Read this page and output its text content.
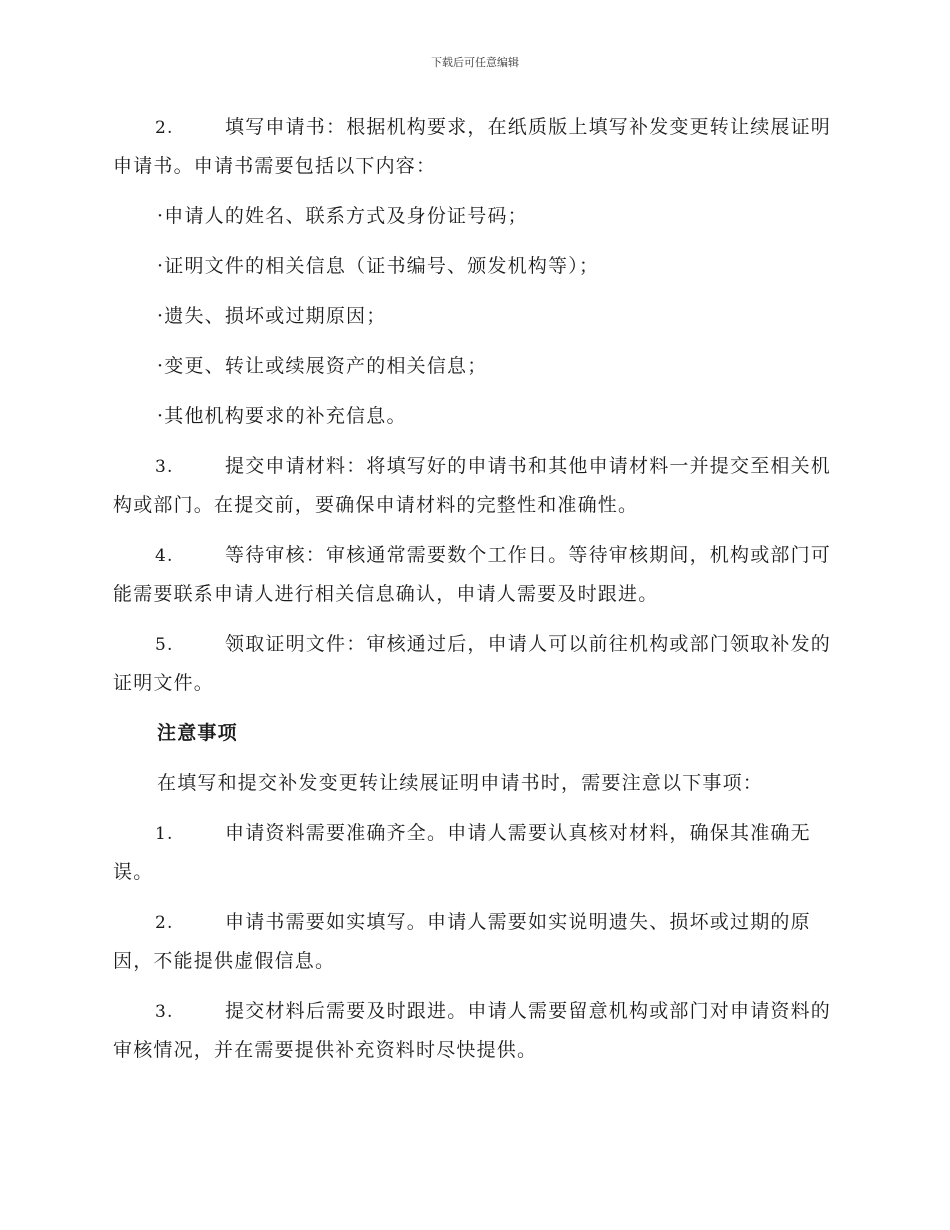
下载后可任意编辑

2.	填写申请书：根据机构要求，在纸质版上填写补发变更转让续展证明申请书。申请书需要包括以下内容：

·申请人的姓名、联系方式及身份证号码；

·证明文件的相关信息（证书编号、颁发机构等）；

·遗失、损坏或过期原因；

·变更、转让或续展资产的相关信息；

·其他机构要求的补充信息。

3.	提交申请材料：将填写好的申请书和其他申请材料一并提交至相关机构或部门。在提交前，要确保申请材料的完整性和准确性。

4.	等待审核：审核通常需要数个工作日。等待审核期间，机构或部门可能需要联系申请人进行相关信息确认，申请人需要及时跟进。

5.	领取证明文件：审核通过后，申请人可以前往机构或部门领取补发的证明文件。

注意事项

在填写和提交补发变更转让续展证明申请书时，需要注意以下事项：

1.	申请资料需要准确齐全。申请人需要认真核对材料，确保其准确无误。

2.	申请书需要如实填写。申请人需要如实说明遗失、损坏或过期的原因，不能提供虚假信息。

3.	提交材料后需要及时跟进。申请人需要留意机构或部门对申请资料的审核情况，并在需要提供补充资料时尽快提供。
